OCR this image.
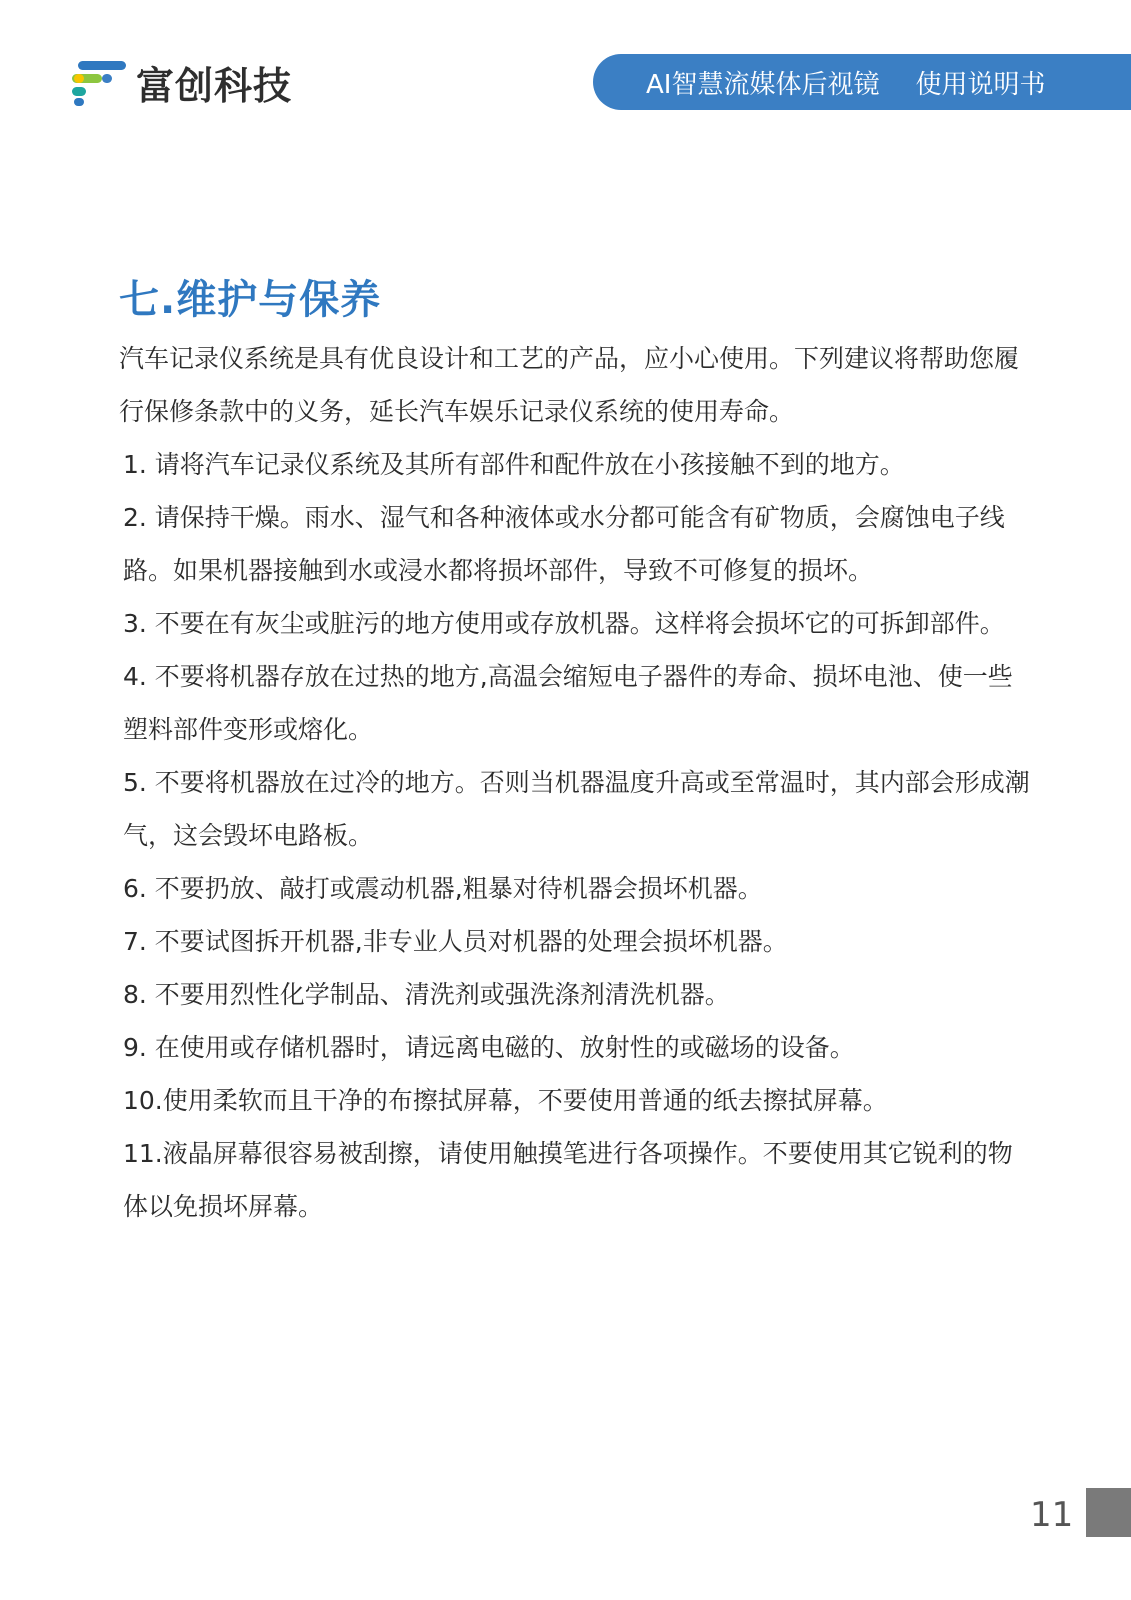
富创科技	AI智慧流媒体后视镜 使用说明书
七.维护与保养

汽车记录仪系统是具有优良设计和工艺的产品，应小心使用。下列建议将帮助您履行保修条款中的义务，延长汽车娱乐记录仪系统的使用寿命。

1. 请将汽车记录仪系统及其所有部件和配件放在小孩接触不到的地方。

2. 请保持干燥。雨水、湿气和各种液体或水分都可能含有矿物质，会腐蚀电子线路。如果机器接触到水或浸水都将损坏部件，导致不可修复的损坏。

3. 不要在有灰尘或脏污的地方使用或存放机器。这样将会损坏它的可拆卸部件。

4. 不要将机器存放在过热的地方,高温会缩短电子器件的寿命、损坏电池、使一些塑料部件变形或熔化。

5. 不要将机器放在过冷的地方。否则当机器温度升高或至常温时，其内部会形成潮气，这会毁坏电路板。

6. 不要扔放、敲打或震动机器,粗暴对待机器会损坏机器。

7. 不要试图拆开机器,非专业人员对机器的处理会损坏机器。

8. 不要用烈性化学制品、清洗剂或强洗涤剂清洗机器。

9. 在使用或存储机器时，请远离电磁的、放射性的或磁场的设备。

10.使用柔软而且干净的布擦拭屏幕，不要使用普通的纸去擦拭屏幕。

11.液晶屏幕很容易被刮擦，请使用触摸笔进行各项操作。不要使用其它锐利的物体以免损坏屏幕。

11
